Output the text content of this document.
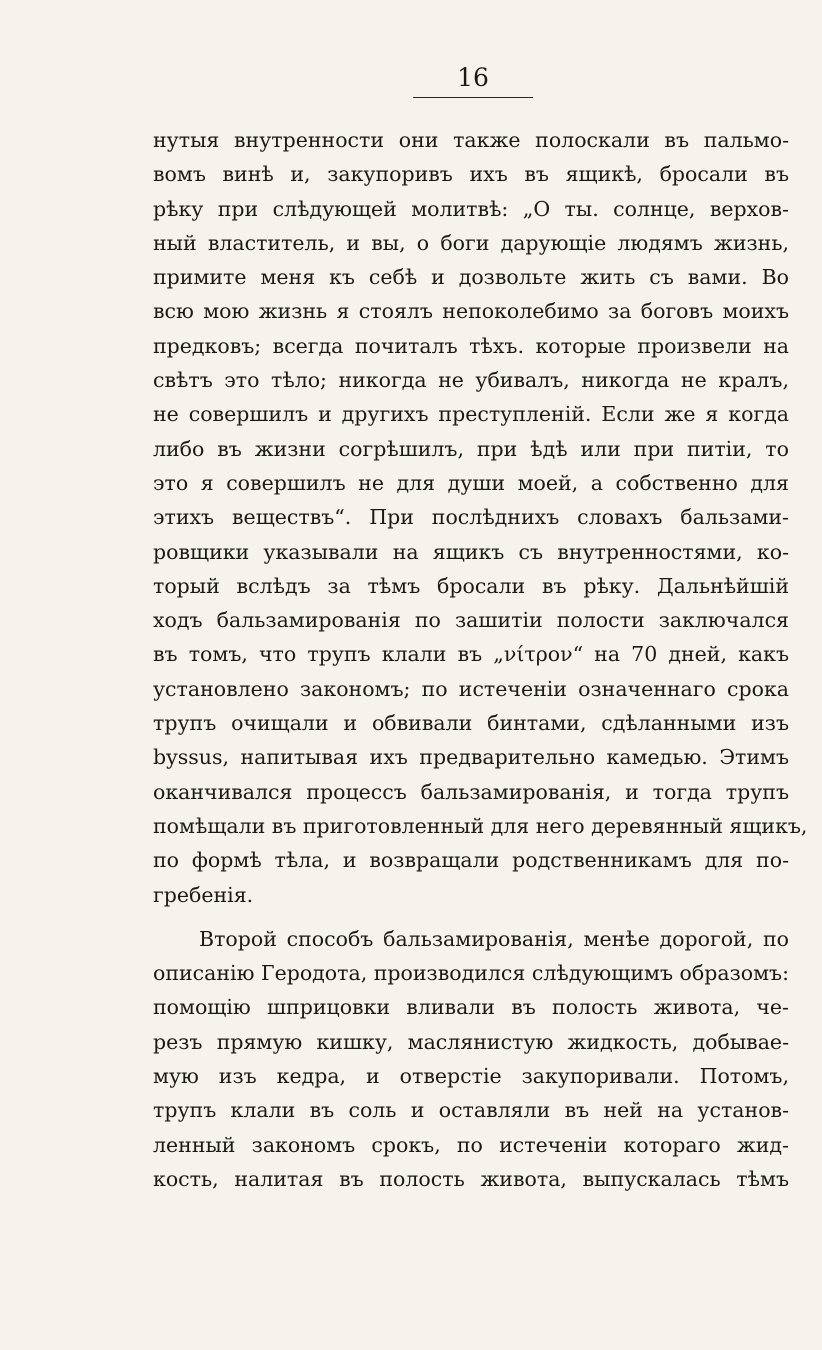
16
нутыя внутренности они также полоскали въ пальмо-
вомъ винѣ и, закупоривъ ихъ въ ящикѣ, бросали въ
рѣку при слѣдующей молитвѣ: „О ты. солнце, верхов-
ный властитель, и вы, о боги дарующіе людямъ жизнь,
примите меня къ себѣ и дозвольте жить съ вами. Во
всю мою жизнь я стоялъ непоколебимо за боговъ моихъ
предковъ; всегда почиталъ тѣхъ. которые произвели на
свѣтъ это тѣло; никогда не убивалъ, никогда не кралъ,
не совершилъ и другихъ преступленій. Если же я когда
либо въ жизни согрѣшилъ, при ѣдѣ или при питіи, то
это я совершилъ не для души моей, а собственно для
этихъ веществъ“. При послѣднихъ словахъ бальзами-
ровщики указывали на ящикъ съ внутренностями, ко-
торый вслѣдъ за тѣмъ бросали въ рѣку. Дальнѣйшій
ходъ бальзамированія по зашитіи полости заключался
въ томъ, что трупъ клали въ „νίτρον“ на 70 дней, какъ
установлено закономъ; по истеченіи означеннаго срока
трупъ очищали и обвивали бинтами, сдѣланными изъ
byssus, напитывая ихъ предварительно камедью. Этимъ
оканчивался процессъ бальзамированія, и тогда трупъ
помѣщали въ приготовленный для него деревянный ящикъ,
по формѣ тѣла, и возвращали родственникамъ для по-
гребенія.
Второй способъ бальзамированія, менѣе дорогой, по
описанію Геродота, производился слѣдующимъ образомъ:
помощію шприцовки вливали въ полость живота, че-
резъ прямую кишку, маслянистую жидкость, добывае-
мую изъ кедра, и отверстіе закупоривали. Потомъ,
трупъ клали въ соль и оставляли въ ней на установ-
ленный закономъ срокъ, по истеченіи котораго жид-
кость, налитая въ полость живота, выпускалась тѣмъ
